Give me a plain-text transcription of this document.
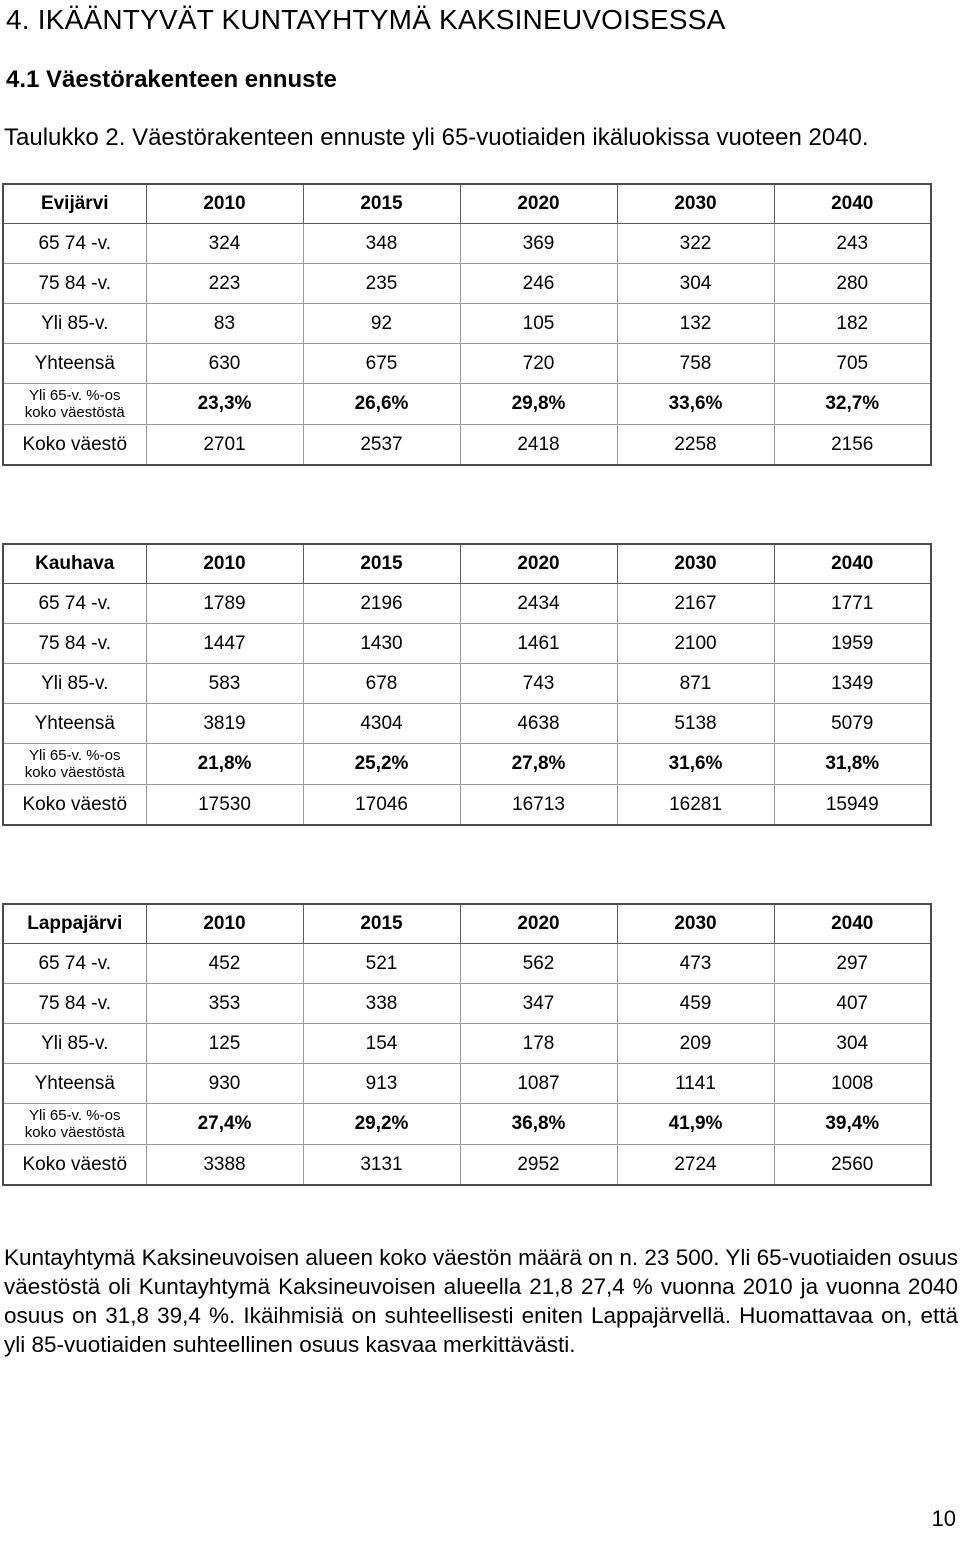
4. IKÄÄNTYVÄT KUNTAYHTYMÄ KAKSINEUVOISESSA
4.1 Väestörakenteen ennuste

Taulukko 2. Väestörakenteen ennuste yli 65-vuotiaiden ikäluokissa vuoteen 2040.

Evijärvi	2010	2015	2020	2030	2040
65 74 -v.	324	348	369	322	243
75 84 -v.	223	235	246	304	280
Yli 85-v.	83	92	105	132	182
Yhteensä	630	675	720	758	705

Yli 65-v. %-os
koko väestöstä	23,3%	26,6%	29,8%	33,6%	32,7%
Koko väestö	2701	2537	2418	2258	2156
Kauhava	2010	2015	2020	2030	2040
65 74 -v.	1789	2196	2434	2167	1771
75 84 -v.	1447	1430	1461	2100	1959
Yli 85-v.	583	678	743	871	1349
Yhteensä	3819	4304	4638	5138	5079

Yli 65-v. %-os
koko väestöstä	21,8%	25,2%	27,8%	31,6%	31,8%
Koko väestö	17530	17046	16713	16281	15949
Lappajärvi	2010	2015	2020	2030	2040
65 74 -v.	452	521	562	473	297
75 84 -v.	353	338	347	459	407
Yli 85-v.	125	154	178	209	304
Yhteensä	930	913	1087	1141	1008

Yli 65-v. %-os
koko väestöstä	27,4%	29,2%	36,8%	41,9%	39,4%
Koko väestö	3388	3131	2952	2724	2560

Kuntayhtymä Kaksineuvoisen alueen koko väestön määrä on n. 23 500. Yli 65-vuotiaiden osuus väestöstä oli Kuntayhtymä Kaksineuvoisen alueella 21,8 27,4 % vuonna 2010 ja vuonna 2040 osuus on 31,8 39,4 %. Ikäihmisiä on suhteellisesti eniten Lappajärvellä. Huomattavaa on, että yli 85-vuotiaiden suhteellinen osuus kasvaa merkittävästi.

10
